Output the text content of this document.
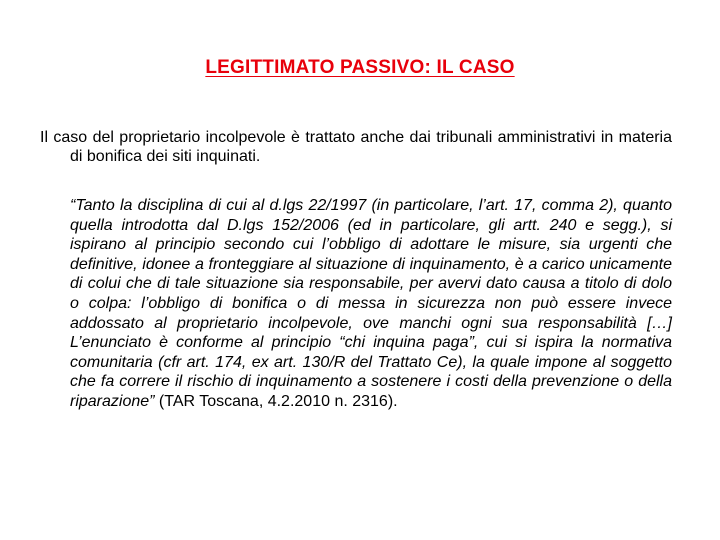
LEGITTIMATO PASSIVO: IL CASO
Il caso del proprietario incolpevole è trattato anche dai tribunali amministrativi in materia di bonifica dei siti inquinati.
“Tanto la disciplina di cui al d.lgs 22/1997 (in particolare, l’art. 17, comma 2), quanto quella introdotta dal D.lgs 152/2006 (ed in particolare, gli artt. 240 e segg.), si ispirano al principio secondo cui l’obbligo di adottare le misure, sia urgenti che definitive, idonee a fronteggiare al situazione di inquinamento, è a carico unicamente di colui che di tale situazione sia responsabile, per avervi dato causa a titolo di dolo o colpa: l’obbligo di bonifica o di messa in sicurezza non può essere invece addossato al proprietario incolpevole, ove manchi ogni sua responsabilità […] L’enunciato è conforme al principio “chi inquina paga”, cui si ispira la normativa comunitaria (cfr art. 174, ex art. 130/R del Trattato Ce), la quale impone al soggetto che fa correre il rischio di inquinamento a sostenere i costi della prevenzione o della riparazione” (TAR Toscana, 4.2.2010 n. 2316).
